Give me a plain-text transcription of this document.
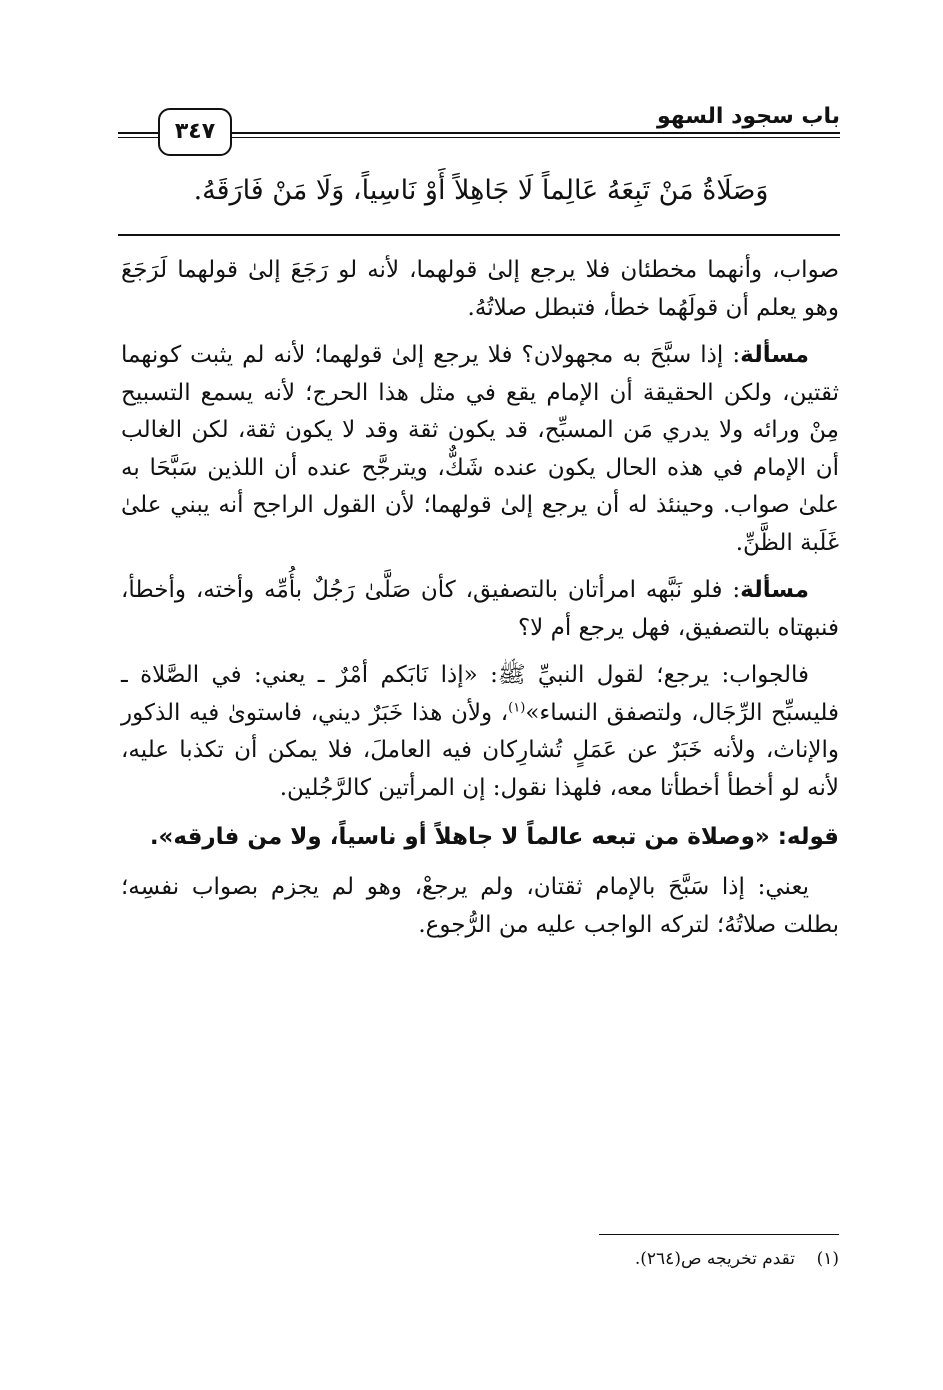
باب سجود السهو
٣٤٧
وَصَلَاةُ مَنْ تَبِعَهُ عَالِماً لَا جَاهِلاً أَوْ نَاسِياً، وَلَا مَنْ فَارَقَهُ.

صواب، وأنهما مخطئان فلا يرجع إلىٰ قولهما، لأنه لو رَجَعَ إلىٰ قولهما لَرَجَعَ وهو يعلم أن قولَهُما خطأ، فتبطل صلاتُهُ.

مسألة: إذا سبَّحَ به مجهولان؟ فلا يرجع إلىٰ قولهما؛ لأنه لم يثبت كونهما ثقتين، ولكن الحقيقة أن الإمام يقع في مثل هذا الحرج؛ لأنه يسمع التسبيح مِنْ ورائه ولا يدري مَن المسبِّح، قد يكون ثقة وقد لا يكون ثقة، لكن الغالب أن الإمام في هذه الحال يكون عنده شَكٌّ، ويترجَّح عنده أن اللذين سَبَّحَا به علىٰ صواب. وحينئذ له أن يرجع إلىٰ قولهما؛ لأن القول الراجح أنه يبني علىٰ غَلَبة الظَّنِّ.

مسألة: فلو نَبَّهه امرأتان بالتصفيق، كأن صَلَّىٰ رَجُلٌ بأُمِّه وأخته، وأخطأ، فنبهتاه بالتصفيق، فهل يرجع أم لا؟

فالجواب: يرجع؛ لقول النبيِّ ﷺ: «إذا نَابَكم أمْرٌ ـ يعني: في الصَّلاة ـ فليسبِّح الرِّجَال، ولتصفق النساء»$^{(١)}$، ولأن هذا خَبَرٌ ديني، فاستوىٰ فيه الذكور والإناث، ولأنه خَبَرٌ عن عَمَلٍ تُشارِكان فيه العاملَ، فلا يمكن أن تكذبا عليه، لأنه لو أخطأ أخطأتا معه، فلهذا نقول: إن المرأتين كالرَّجُلين.

قوله: «وصلاة من تبعه عالماً لا جاهلاً أو ناسياً، ولا من فارقه».

يعني: إذا سَبَّحَ بالإمام ثقتان، ولم يرجعْ، وهو لم يجزم بصواب نفسِه؛ بطلت صلاتُهُ؛ لتركه الواجب عليه من الرُّجوع.

(١)تقدم تخريجه ص(٢٦٤).
